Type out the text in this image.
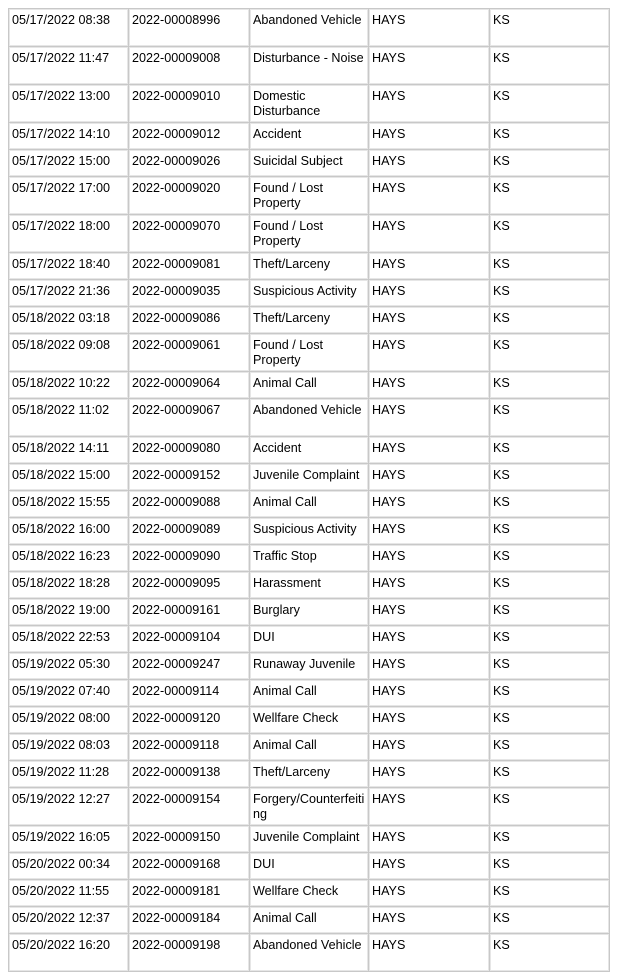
05/17/2022 08:38	2022-00008996	Abandoned Vehicle	HAYS	KS
05/17/2022 11:47	2022-00009008	Disturbance - Noise	HAYS	KS
05/17/2022 13:00	2022-00009010	Domestic Disturbance	HAYS	KS
05/17/2022 14:10	2022-00009012	Accident	HAYS	KS
05/17/2022 15:00	2022-00009026	Suicidal Subject	HAYS	KS
05/17/2022 17:00	2022-00009020	Found / Lost Property	HAYS	KS
05/17/2022 18:00	2022-00009070	Found / Lost Property	HAYS	KS
05/17/2022 18:40	2022-00009081	Theft/Larceny	HAYS	KS
05/17/2022 21:36	2022-00009035	Suspicious Activity	HAYS	KS
05/18/2022 03:18	2022-00009086	Theft/Larceny	HAYS	KS
05/18/2022 09:08	2022-00009061	Found / Lost Property	HAYS	KS
05/18/2022 10:22	2022-00009064	Animal Call	HAYS	KS
05/18/2022 11:02	2022-00009067	Abandoned Vehicle	HAYS	KS
05/18/2022 14:11	2022-00009080	Accident	HAYS	KS
05/18/2022 15:00	2022-00009152	Juvenile Complaint	HAYS	KS
05/18/2022 15:55	2022-00009088	Animal Call	HAYS	KS
05/18/2022 16:00	2022-00009089	Suspicious Activity	HAYS	KS
05/18/2022 16:23	2022-00009090	Traffic Stop	HAYS	KS
05/18/2022 18:28	2022-00009095	Harassment	HAYS	KS
05/18/2022 19:00	2022-00009161	Burglary	HAYS	KS
05/18/2022 22:53	2022-00009104	DUI	HAYS	KS
05/19/2022 05:30	2022-00009247	Runaway Juvenile	HAYS	KS
05/19/2022 07:40	2022-00009114	Animal Call	HAYS	KS
05/19/2022 08:00	2022-00009120	Wellfare Check	HAYS	KS
05/19/2022 08:03	2022-00009118	Animal Call	HAYS	KS
05/19/2022 11:28	2022-00009138	Theft/Larceny	HAYS	KS
05/19/2022 12:27	2022-00009154	Forgery/Counterfeiting	HAYS	KS
05/19/2022 16:05	2022-00009150	Juvenile Complaint	HAYS	KS
05/20/2022 00:34	2022-00009168	DUI	HAYS	KS
05/20/2022 11:55	2022-00009181	Wellfare Check	HAYS	KS
05/20/2022 12:37	2022-00009184	Animal Call	HAYS	KS
05/20/2022 16:20	2022-00009198	Abandoned Vehicle	HAYS	KS
